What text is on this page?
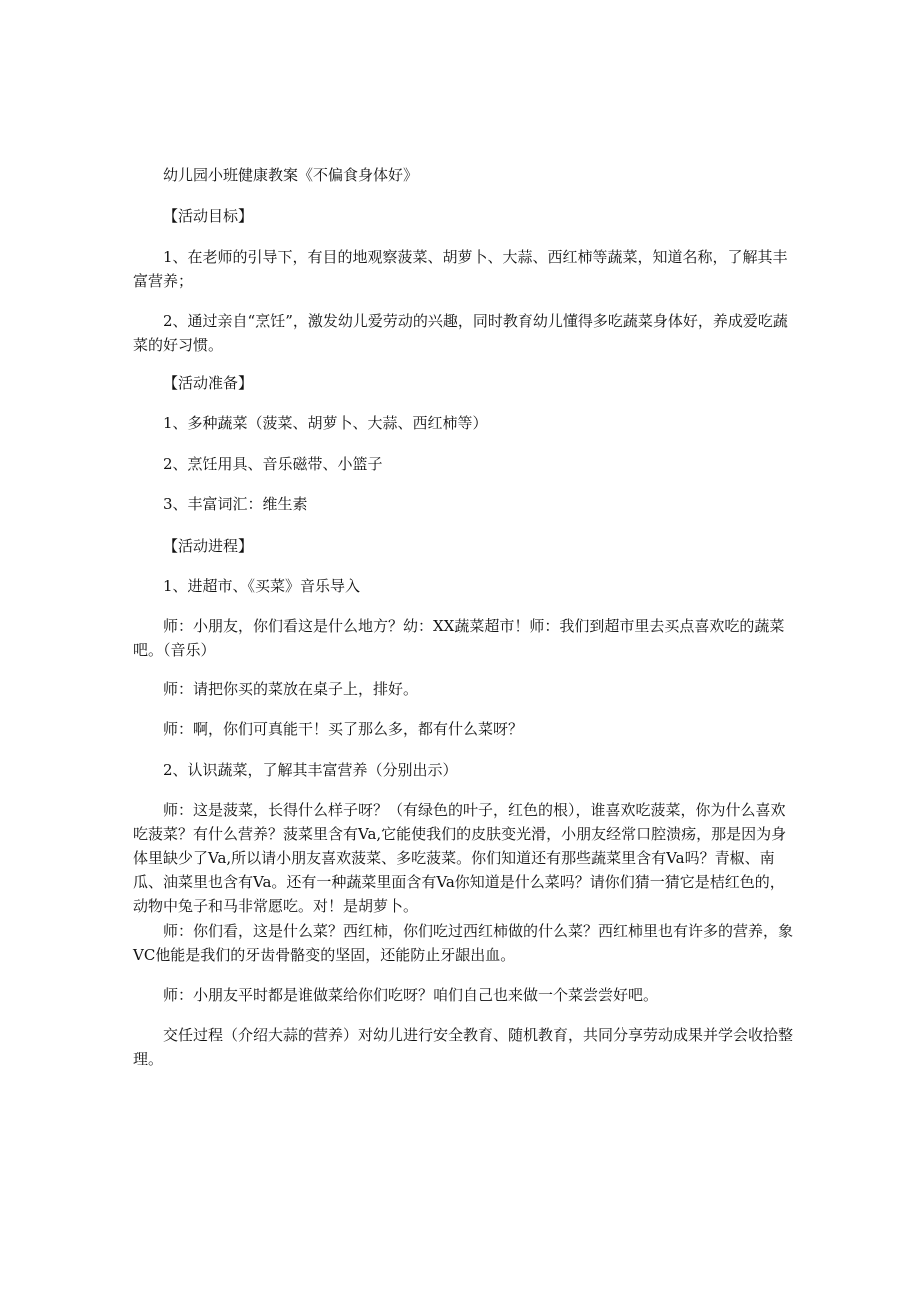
幼儿园小班健康教案《不偏食身体好》

【活动目标】

1、在老师的引导下，有目的地观察菠菜、胡萝卜、大蒜、西红柿等蔬菜，知道名称，了解其丰富营养；

2、通过亲自“烹饪”，激发幼儿爱劳动的兴趣，同时教育幼儿懂得多吃蔬菜身体好，养成爱吃蔬菜的好习惯。

【活动准备】

1、多种蔬菜（菠菜、胡萝卜、大蒜、西红柿等）

2、烹饪用具、音乐磁带、小篮子

3、丰富词汇：维生素

【活动进程】

1、进超市、《买菜》音乐导入

师：小朋友，你们看这是什么地方？幼：XX蔬菜超市！师：我们到超市里去买点喜欢吃的蔬菜吧。（音乐）

师：请把你买的菜放在桌子上，排好。

师：啊，你们可真能干！买了那么多，都有什么菜呀？

2、认识蔬菜，了解其丰富营养（分别出示）

师：这是菠菜，长得什么样子呀？（有绿色的叶子，红色的根），谁喜欢吃菠菜，你为什么喜欢吃菠菜？有什么营养？菠菜里含有Va,它能使我们的皮肤变光滑，小朋友经常口腔溃疡，那是因为身体里缺少了Va,所以请小朋友喜欢菠菜、多吃菠菜。你们知道还有那些蔬菜里含有Va吗？青椒、南瓜、油菜里也含有Va。还有一种蔬菜里面含有Va你知道是什么菜吗？请你们猜一猜它是桔红色的，动物中兔子和马非常愿吃。对！是胡萝卜。

师：你们看，这是什么菜？西红柿，你们吃过西红柿做的什么菜？西红柿里也有许多的营养，象VC他能是我们的牙齿骨骼变的坚固，还能防止牙龈出血。

师：小朋友平时都是谁做菜给你们吃呀？咱们自己也来做一个菜尝尝好吧。

交任过程（介绍大蒜的营养）对幼儿进行安全教育、随机教育，共同分享劳动成果并学会收拾整理。
